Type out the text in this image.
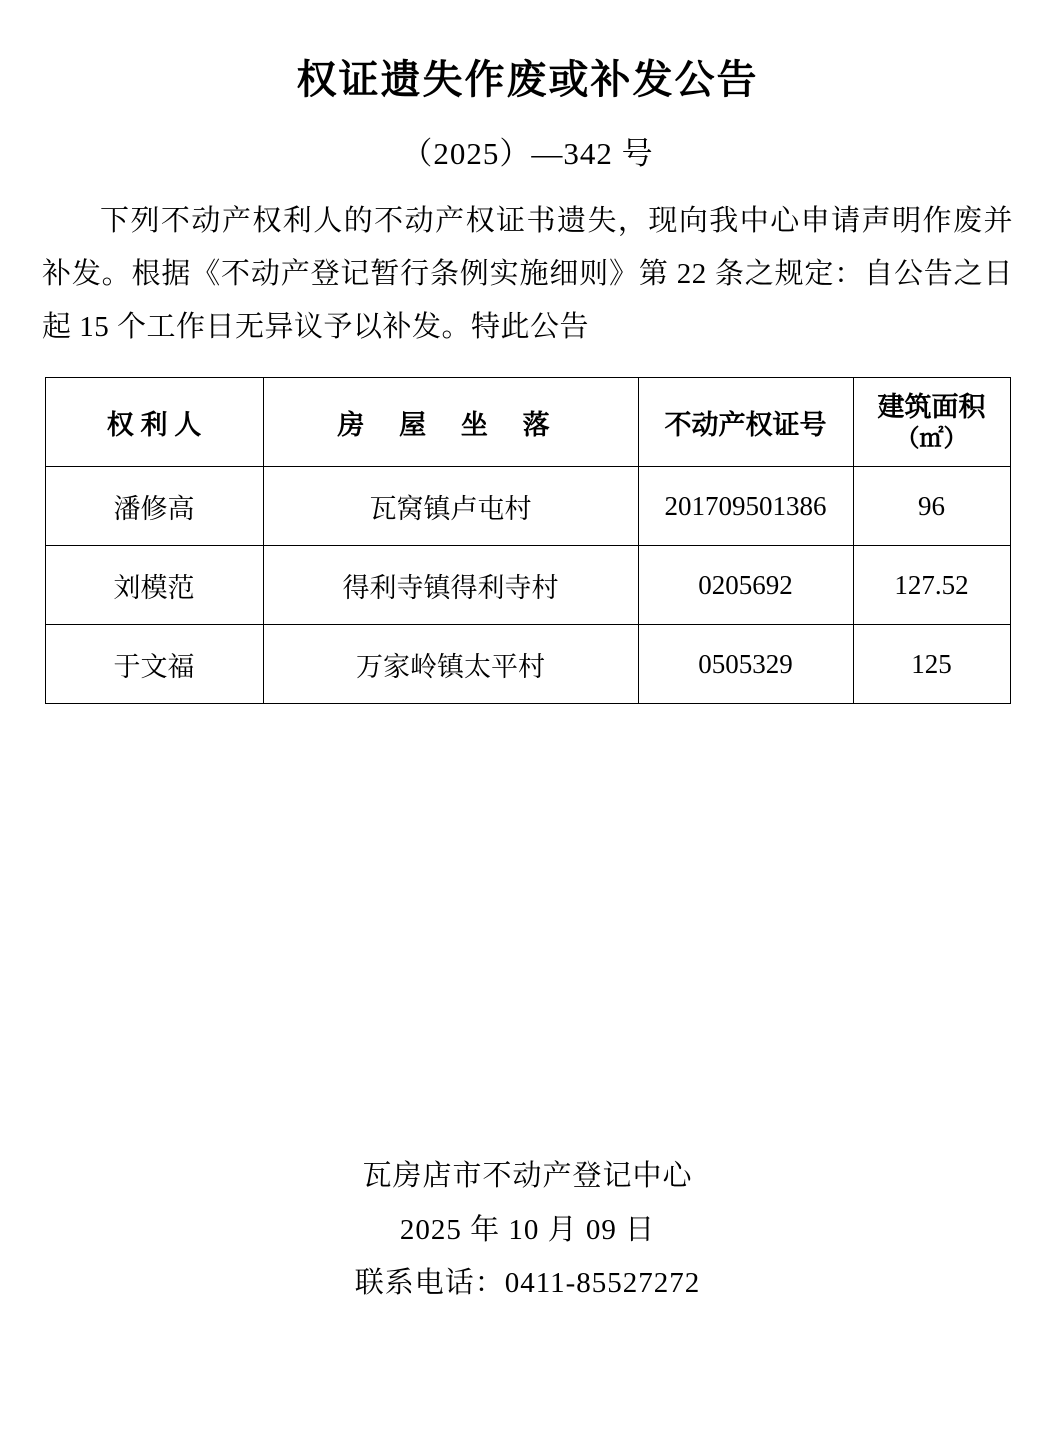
权证遗失作废或补发公告
（2025）—342 号

下列不动产权利人的不动产权证书遗失，现向我中心申请声明作废并补发。根据《不动产登记暂行条例实施细则》第 22 条之规定：自公告之日起 15 个工作日无异议予以补发。特此公告

权 利 人	房 屋 坐 落	不动产权证号	建筑面积
（㎡）

潘修高	瓦窝镇卢屯村	201709501386	96
刘模范	得利寺镇得利寺村	0205692	127.52
于文福	万家岭镇太平村	0505329	125
瓦房店市不动产登记中心
2025 年 10 月 09 日
联系电话：0411-85527272
